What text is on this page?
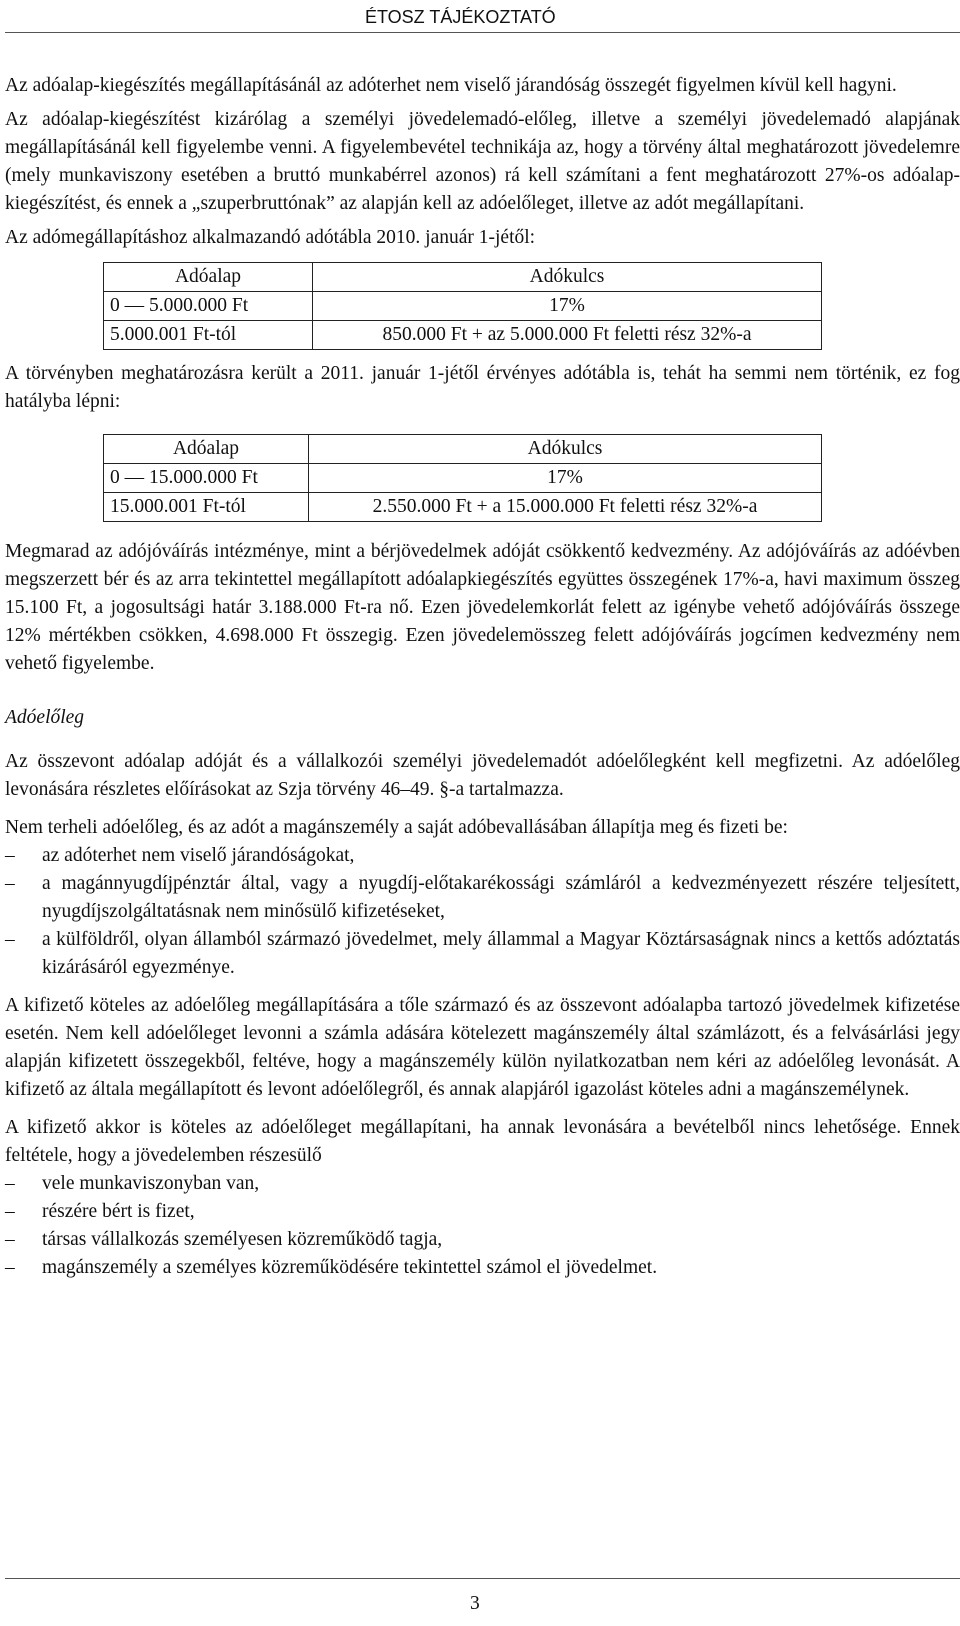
ÉTOSZ TÁJÉKOZTATÓ

Az adóalap-kiegészítés megállapításánál az adóterhet nem viselő járandóság összegét figyelmen kívül kell hagyni.

Az adóalap-kiegészítést kizárólag a személyi jövedelemadó-előleg, illetve a személyi jövedelemadó alapjának megállapításánál kell figyelembe venni. A figyelembevétel technikája az, hogy a törvény által meghatározott jövedelemre (mely munkaviszony esetében a bruttó munkabérrel azonos) rá kell számítani a fent meghatározott 27%-os adóalap-kiegészítést, és ennek a „szuperbruttónak” az alapján kell az adóelőleget, illetve az adót megállapítani.

Az adómegállapításhoz alkalmazandó adótábla 2010. január 1-jétől:

Adóalap	Adókulcs
0 — 5.000.000 Ft	17%
5.000.001 Ft-tól	850.000 Ft + az 5.000.000 Ft feletti rész 32%-a

A törvényben meghatározásra került a 2011. január 1-jétől érvényes adótábla is, tehát ha semmi nem történik, ez fog hatályba lépni:

Adóalap	Adókulcs
0 — 15.000.000 Ft	17%
15.000.001 Ft-tól	2.550.000 Ft + a 15.000.000 Ft feletti rész 32%-a

Megmarad az adójóváírás intézménye, mint a bérjövedelmek adóját csökkentő kedvezmény. Az adójóváírás az adóévben megszerzett bér és az arra tekintettel megállapított adóalapkiegészítés együttes összegének 17%-a, havi maximum összeg 15.100 Ft, a jogosultsági határ 3.188.000 Ft-ra nő. Ezen jövedelemkorlát felett az igénybe vehető adójóváírás összege 12% mértékben csökken, 4.698.000 Ft összegig. Ezen jövedelemösszeg felett adójóváírás jogcímen kedvezmény nem vehető figyelembe.

Adóelőleg

Az összevont adóalap adóját és a vállalkozói személyi jövedelemadót adóelőlegként kell megfizetni. Az adóelőleg levonására részletes előírásokat az Szja törvény 46–49. §-a tartalmazza.

Nem terheli adóelőleg, és az adót a magánszemély a saját adóbevallásában állapítja meg és fizeti be:

– az adóterhet nem viselő járandóságokat,
– a magánnyugdíjpénztár által, vagy a nyugdíj-előtakarékossági számláról a kedvezményezett részére teljesített, nyugdíjszolgáltatásnak nem minősülő kifizetéseket,
– a külföldről, olyan államból származó jövedelmet, mely állammal a Magyar Köztársaságnak nincs a kettős adóztatás kizárásáról egyezménye.

A kifizető köteles az adóelőleg megállapítására a tőle származó és az összevont adóalapba tartozó jövedelmek kifizetése esetén. Nem kell adóelőleget levonni a számla adására kötelezett magánszemély által számlázott, és a felvásárlási jegy alapján kifizetett összegekből, feltéve, hogy a magánszemély külön nyilatkozatban nem kéri az adóelőleg levonását. A kifizető az általa megállapított és levont adóelőlegről, és annak alapjáról igazolást köteles adni a magánszemélynek.

A kifizető akkor is köteles az adóelőleget megállapítani, ha annak levonására a bevételből nincs lehetősége. Ennek feltétele, hogy a jövedelemben részesülő

– vele munkaviszonyban van,
– részére bért is fizet,
– társas vállalkozás személyesen közreműködő tagja,
– magánszemély a személyes közreműködésére tekintettel számol el jövedelmet.
3
